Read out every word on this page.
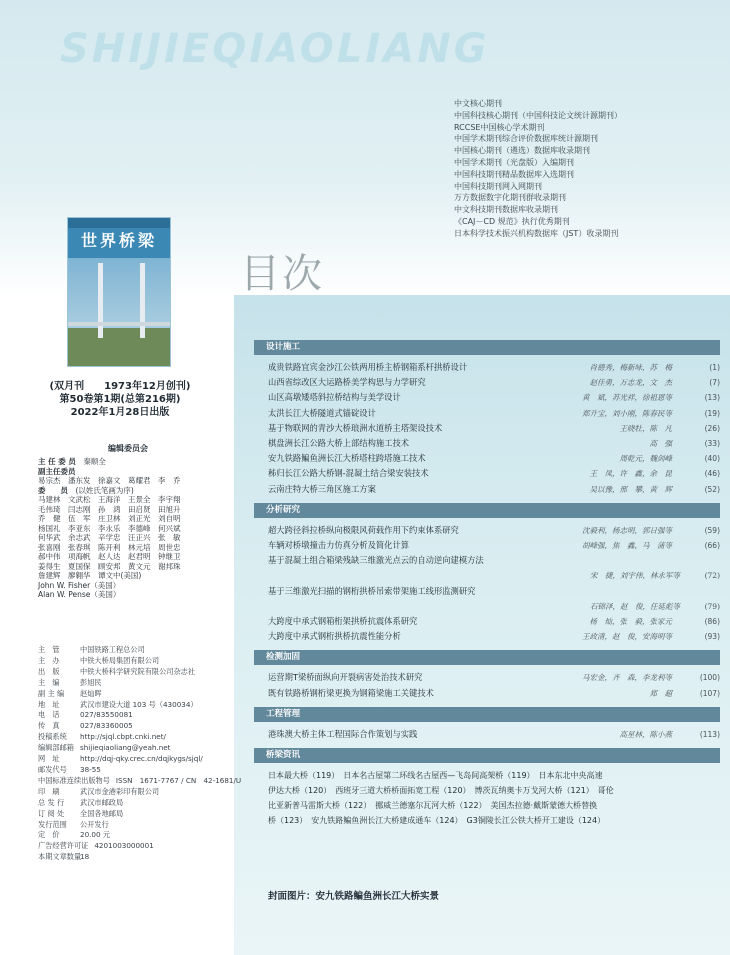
SHIJIEQIAOLIANG
中文核心期刊
中国科技核心期刊（中国科技论文统计源期刊）
RCCSE中国核心学术期刊
中国学术期刊综合评价数据库统计源期刊
中国核心期刊（遴选）数据库收录期刊
中国学术期刊（光盘版）入编期刊
中国科技期刊精品数据库入选期刊
中国科技期刊网入网期刊
万方数据数字化期刊群收录期刊
中文科技期刊数据库收录期刊
《CAJ－CD 规范》执行优秀期刊
日本科学技术振兴机构数据库（JST）收录期刊
世界桥梁
目次
(双月刊　　1973年12月创刊)
第50卷第1期(总第216期)
2022年1月28日出版
编辑委员会
主 任 委 员　 秦顺全
副主任委员　
易宗杰　潘东发　徐嘉文　葛耀君　李　乔
委　　员　 (以姓氏笔画为序)
马建林　文武松　王海洋　王景全　李宇翔
毛伟琦　闫志刚　孙　鸿　田启贤　田旭升
乔　健　伍　军　庄卫林　刘正光　刘自明
杨国礼　李亚东　李永乐　李德峰　何兴斌
何华武　余志武　辛学忠　汪正兴　张　敏
张喜刚　张春琪　陈开利　林元培　周世忠
郝中伟　项海帆　赵人达　赵君明　钟继卫
姜得生　夏国保　顾安邦　黄文元　谢邦珠
詹建辉　廖翱华　谭文中(美国)
John W. Fisher（美国）
Alan W. Pense（美国）
主　管	中国铁路工程总公司
主　办	中铁大桥局集团有限公司
出　版	中铁大桥科学研究院有限公司杂志社
主　编	彭旭民
副 主 编	赵灿晖
地　址	武汉市建设大道 103 号（430034）
电　话	027/83550081
传　真	027/83360005
投稿系统	http://sjql.cbpt.cnki.net/
编辑部邮箱 shijieqiaoliang@yeah.net
网　址	http://dqj-qky.crec.cn/dqjkygs/sjql/
邮发代号	38-55
中国标准连续出版物号 ISSN　1671-7767 / CN　42-1681/U
印　刷	武汉市金港彩印有限公司
总 发 行	武汉市邮政局
订 阅 处	全国各地邮局
发行范围	公开发行
定　价	20.00 元
广告经营许可证 4201003000001
本期文章数量
18
设计施工
成贵铁路宜宾金沙江公铁两用桥主桥钢箱系杆拱桥设计	肖德秀，梅新咏，苏　梅	(1)
山西省综改区大运路桥美学构思与力学研究	赵佳勇，万志龙，文　杰	(7)
山区高墩矮塔斜拉桥结构与美学设计	黄　斌，苏光祥，徐祖恩等	(13)
太洪长江大桥隧道式锚碇设计	郑升宝，刘小刚，陈春民等	(19)
基于物联网的青沙大桥琅洲水道桥主塔架设技术	王晓牡，陈　凡	(26)
棋盘洲长江公路大桥上部结构施工技术	高　强	(33)
安九铁路鳊鱼洲长江大桥塔柱跨塔施工技术	周乾元，魏剑峰	(40)
秭归长江公路大桥钢-混凝土结合梁安装技术	王　凤，许　鑫，余　昆	(46)
云南庄特大桥三角区施工方案	吴以豫，邢　攀，黄　辉	(52)
分析研究
超大跨径斜拉桥纵向极限风荷载作用下约束体系研究	沈毅利，杨志明，郭日强等	(59)
车辆对桥墩撞击力仿真分析及简化计算	胡峰强，焦　鑫，马　蒲等	(66)
基于混凝土组合箱梁残缺三维激光点云的自动逆向建模方法
宋　捷，刘宇伟，林永军等	(72)
基于三维激光扫描的钢桁拱桥吊索带架施工线形监测研究
石锦泽，赵　俊，任延彪等	(79)
大跨度中承式钢箱桁架拱桥抗震体系研究	杨　灿，张　毅，张家元	(86)
大跨度中承式钢桁拱桥抗震性能分析	王政清，赵　俊，安海明等	(93)
检测加固
运营期T梁桥面纵向开裂病害处治技术研究	马宏金，齐　森，李龙利等	(100)
既有铁路桥钢桁梁更换为钢箱梁施工关键技术	郑　超	(107)
工程管理
港珠澳大桥主体工程国际合作策划与实践	高星林，陈小燕	(113)
桥梁资讯
日本最大桥（119）　日本名古屋第二环线名古屋西—飞岛间高架桥（119）　日本东北中央高速
伊达大桥（120）　西班牙三道大桥桥面拓宽工程（120）　博茨瓦纳奥卡万戈河大桥（121）　哥伦
比亚新普马雷斯大桥（122）　挪威兰德塞尔瓦河大桥（122）　美国杰拉德·戴斯蒙德大桥替换
桥（123）　安九铁路鳊鱼洲长江大桥建成通车（124）　G3铜陵长江公铁大桥开工建设（124）
封面图片：安九铁路鳊鱼洲长江大桥实景
